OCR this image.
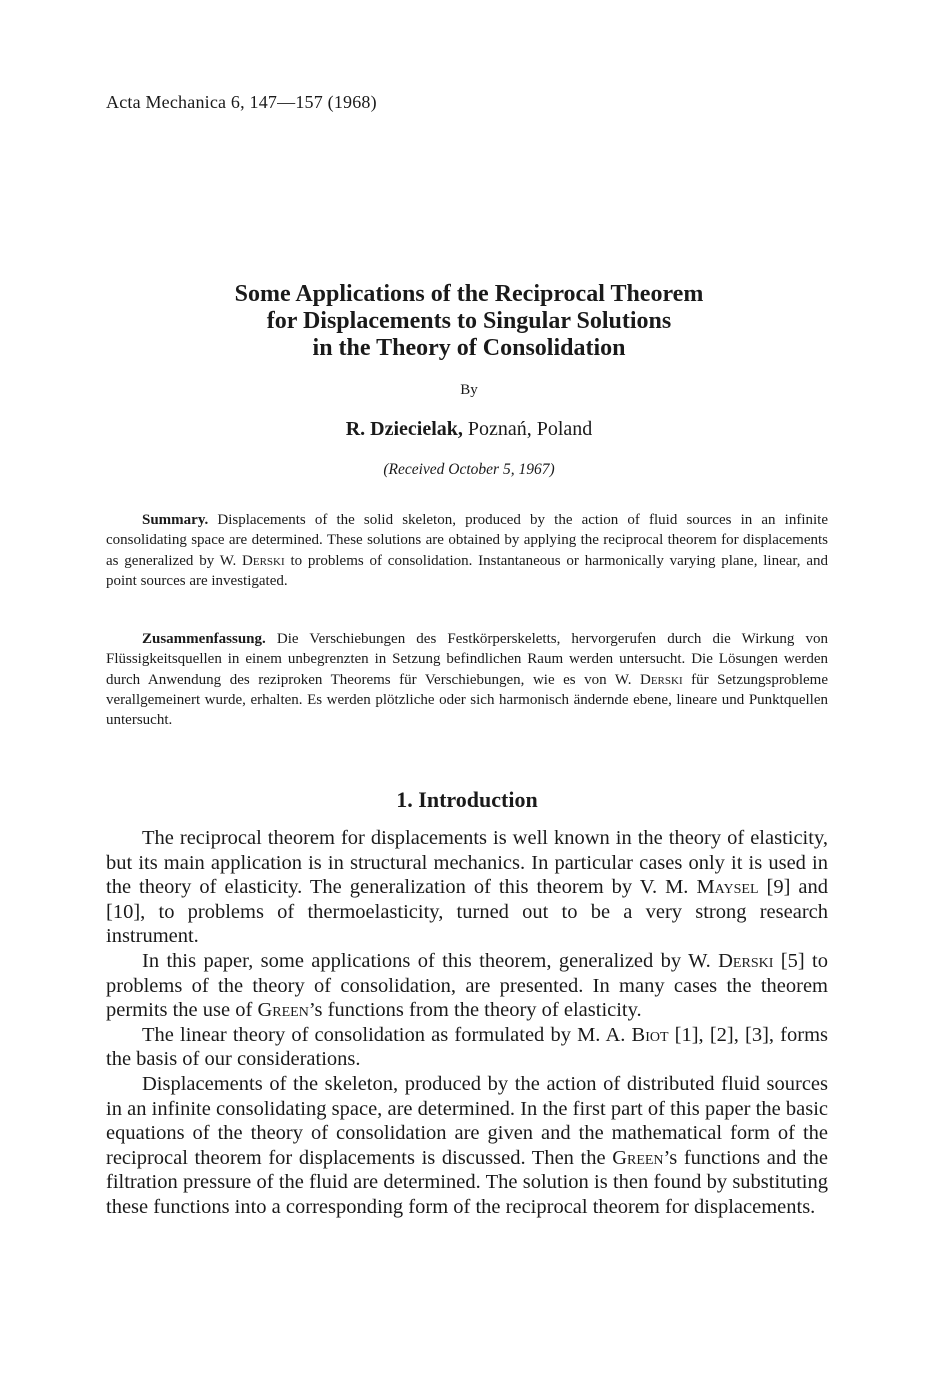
Acta Mechanica 6, 147—157 (1968)
Some Applications of the Reciprocal Theorem
for Displacements to Singular Solutions
in the Theory of Consolidation
By
R. Dziecielak, Poznań, Poland
(Received October 5, 1967)

Summary. Displacements of the solid skeleton, produced by the action of fluid sources in an infinite consolidating space are determined. These solutions are obtained by applying the reciprocal theorem for displacements as generalized by W. Derski to problems of consolidation. Instantaneous or harmonically varying plane, linear, and point sources are investigated.

Zusammenfassung. Die Verschiebungen des Festkörperskeletts, hervorgerufen durch die Wirkung von Flüssigkeitsquellen in einem unbegrenzten in Setzung befindlichen Raum werden untersucht. Die Lösungen werden durch Anwendung des reziproken Theorems für Verschiebungen, wie es von W. Derski für Setzungsprobleme verallgemeinert wurde, erhalten. Es werden plötzliche oder sich harmonisch ändernde ebene, lineare und Punktquellen untersucht.

1. Introduction

The reciprocal theorem for displacements is well known in the theory of elasticity, but its main application is in structural mechanics. In particular cases only it is used in the theory of elasticity. The generalization of this theorem by V. M. Maysel [9] and [10], to problems of thermoelasticity, turned out to be a very strong research instrument.

In this paper, some applications of this theorem, generalized by W. Derski [5] to problems of the theory of consolidation, are presented. In many cases the theorem permits the use of Green’s functions from the theory of elasticity.

The linear theory of consolidation as formulated by M. A. Biot [1], [2], [3], forms the basis of our considerations.

Displacements of the skeleton, produced by the action of distributed fluid sources in an infinite consolidating space, are determined. In the first part of this paper the basic equations of the theory of consolidation are given and the mathematical form of the reciprocal theorem for displacements is discussed. Then the Green’s functions and the filtration pressure of the fluid are determined. The solution is then found by substituting these functions into a corresponding form of the reciprocal theorem for displacements.
